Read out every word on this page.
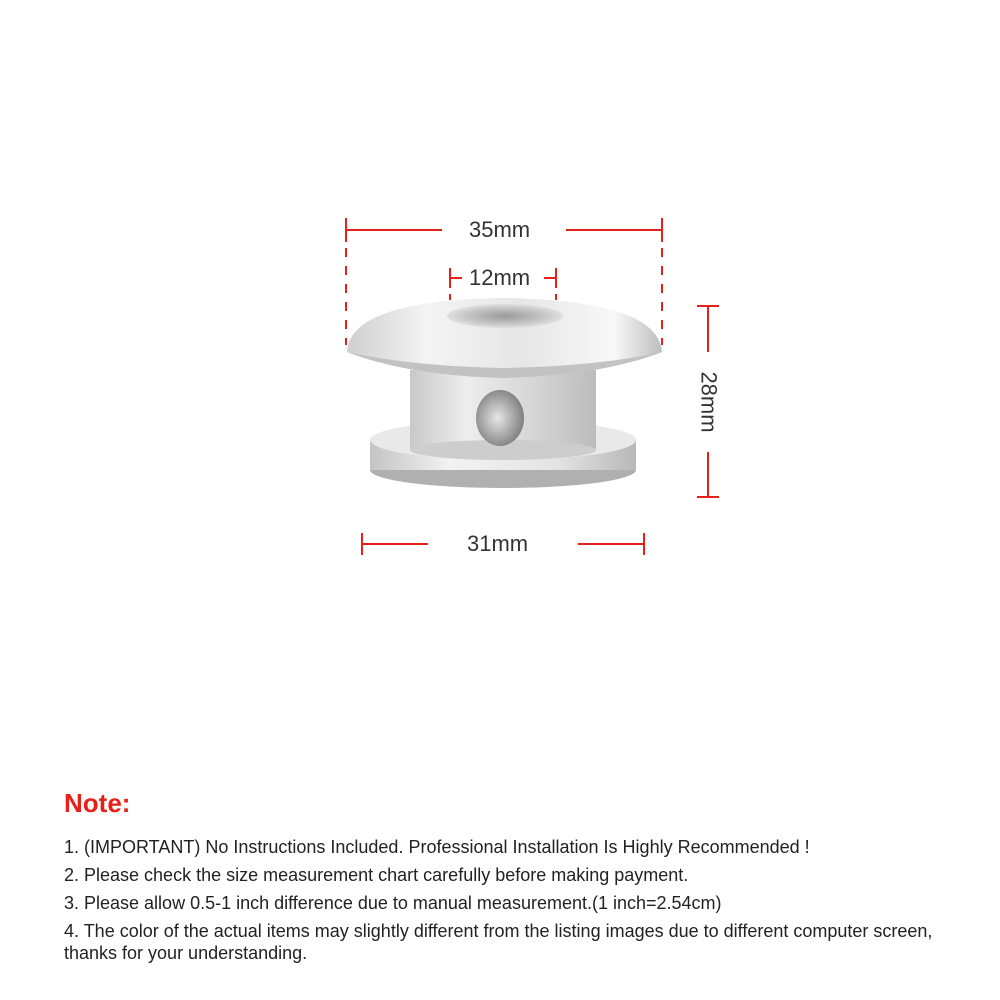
35mm
12mm
28mm
31mm
Note:
1. (IMPORTANT) No Instructions Included. Professional Installation Is Highly Recommended !
2. Please check the size measurement chart carefully before making payment.
3. Please allow 0.5-1 inch difference due to manual measurement.(1 inch=2.54cm)
4. The color of the actual items may slightly different from the listing images due to different computer screen, thanks for your understanding.
